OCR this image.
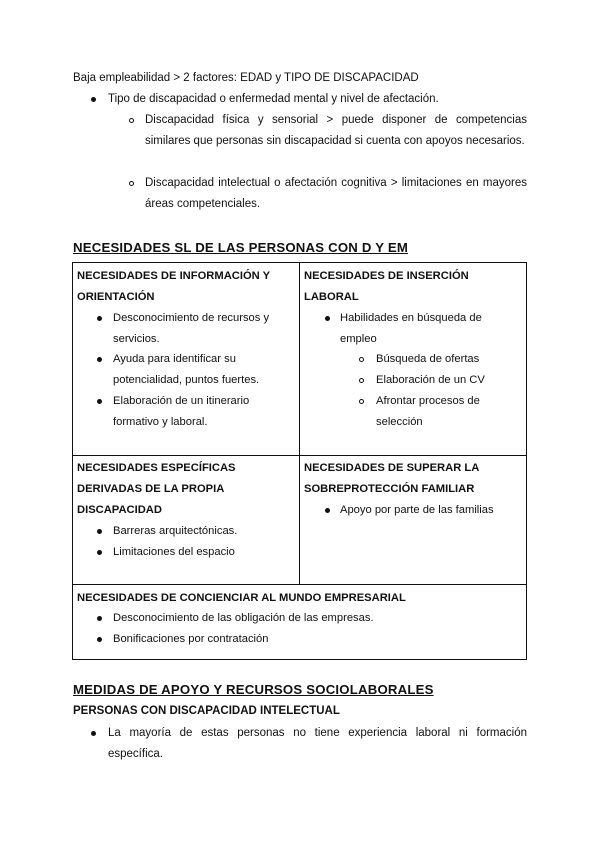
Baja empleabilidad > 2 factores: EDAD y TIPO DE DISCAPACIDAD
Tipo de discapacidad o enfermedad mental y nivel de afectación.
Discapacidad física y sensorial > puede disponer de competencias similares que personas sin discapacidad si cuenta con apoyos necesarios.
Discapacidad intelectual o afectación cognitiva > limitaciones en mayores áreas competenciales.
NECESIDADES SL DE LAS PERSONAS CON D Y EM
NECESIDADES DE INFORMACIÓN Y ORIENTACIÓN
Desconocimiento de recursos y servicios.
Ayuda para identificar su potencialidad, puntos fuertes.
Elaboración de un itinerario formativo y laboral.
NECESIDADES DE INSERCIÓN LABORAL
Habilidades en búsqueda de empleo
Búsqueda de ofertas
Elaboración de un CV
Afrontar procesos de selección
NECESIDADES ESPECÍFICAS DERIVADAS DE LA PROPIA DISCAPACIDAD
Barreras arquitectónicas.
Limitaciones del espacio
NECESIDADES DE SUPERAR LA SOBREPROTECCIÓN FAMILIAR
Apoyo por parte de las familias
NECESIDADES DE CONCIENCIAR AL MUNDO EMPRESARIAL
Desconocimiento de las obligación de las empresas.
Bonificaciones por contratación
MEDIDAS DE APOYO Y RECURSOS SOCIOLABORALES
PERSONAS CON DISCAPACIDAD INTELECTUAL
La mayoría de estas personas no tiene experiencia laboral ni formación específica.
